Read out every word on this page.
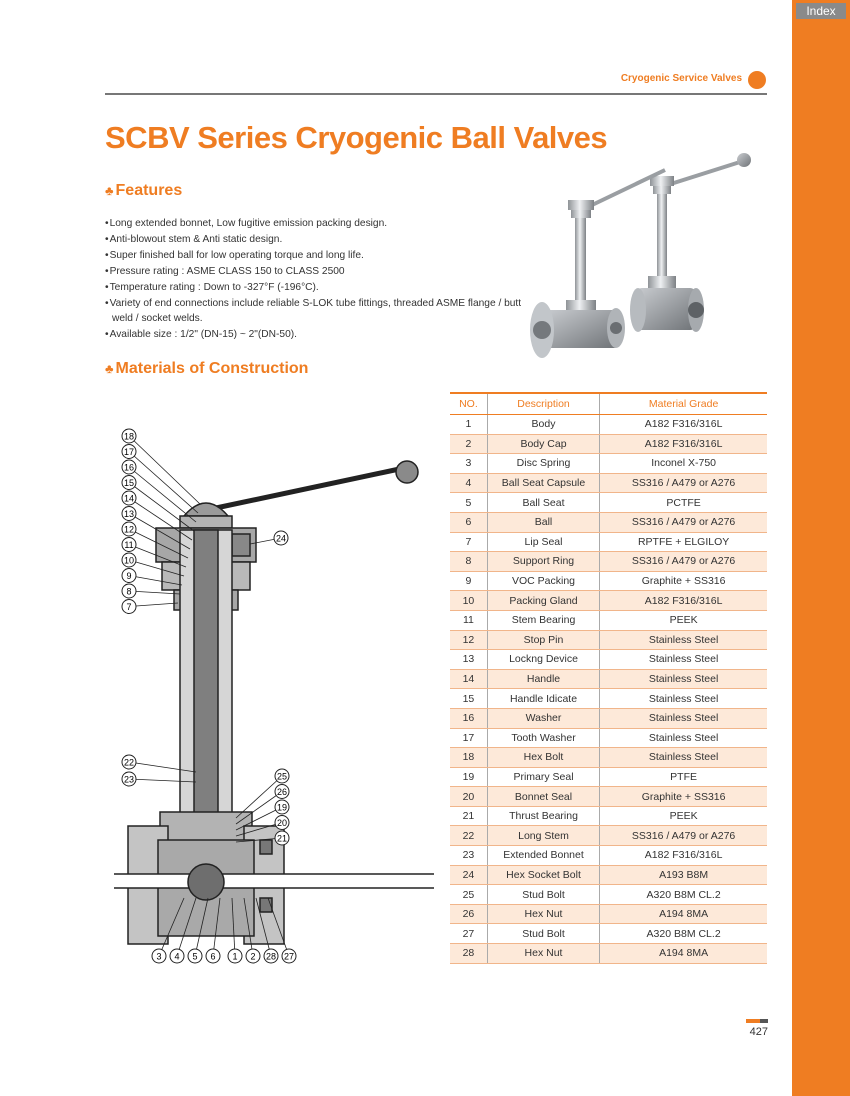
Index
Cryogenic Service Valves
SCBV Series Cryogenic Ball Valves
♣ Features
• Long extended bonnet, Low fugitive emission packing design.
• Anti-blowout stem & Anti static design.
• Super finished ball for low operating torque and long life.
• Pressure rating : ASME CLASS 150 to CLASS 2500
• Temperature rating : Down to -327°F (-196°C).
• Variety of end connections include reliable S-LOK tube fittings, threaded ASME flange / butt weld / socket welds.
• Available size : 1/2" (DN-15) ~ 2"(DN-50).
♣ Materials of Construction
18
17
16
15
14
13
12
11
10
9
8
7
22
23
24
25
26
19
20
21
3 4 5 6 1 2 28 27
NO.	Description	Material Grade
1	Body	A182 F316/316L
2	Body Cap	A182 F316/316L
3	Disc Spring	Inconel X-750
4	Ball Seat Capsule	SS316 / A479 or A276
5	Ball Seat	PCTFE
6	Ball	SS316 / A479 or A276
7	Lip Seal	RPTFE + ELGILOY
8	Support Ring	SS316 / A479 or A276
9	VOC Packing	Graphite + SS316
10	Packing Gland	A182 F316/316L
11	Stem Bearing	PEEK
12	Stop Pin	Stainless Steel
13	Lockng Device	Stainless Steel
14	Handle	Stainless Steel
15	Handle Idicate	Stainless Steel
16	Washer	Stainless Steel
17	Tooth Washer	Stainless Steel
18	Hex Bolt	Stainless Steel
19	Primary Seal	PTFE
20	Bonnet Seal	Graphite + SS316
21	Thrust Bearing	PEEK
22	Long Stem	SS316 / A479 or A276
23	Extended Bonnet	A182 F316/316L
24	Hex Socket Bolt	A193 B8M
25	Stud Bolt	A320 B8M CL.2
26	Hex Nut	A194 8MA
27	Stud Bolt	A320 B8M CL.2
28	Hex Nut	A194 8MA
427
